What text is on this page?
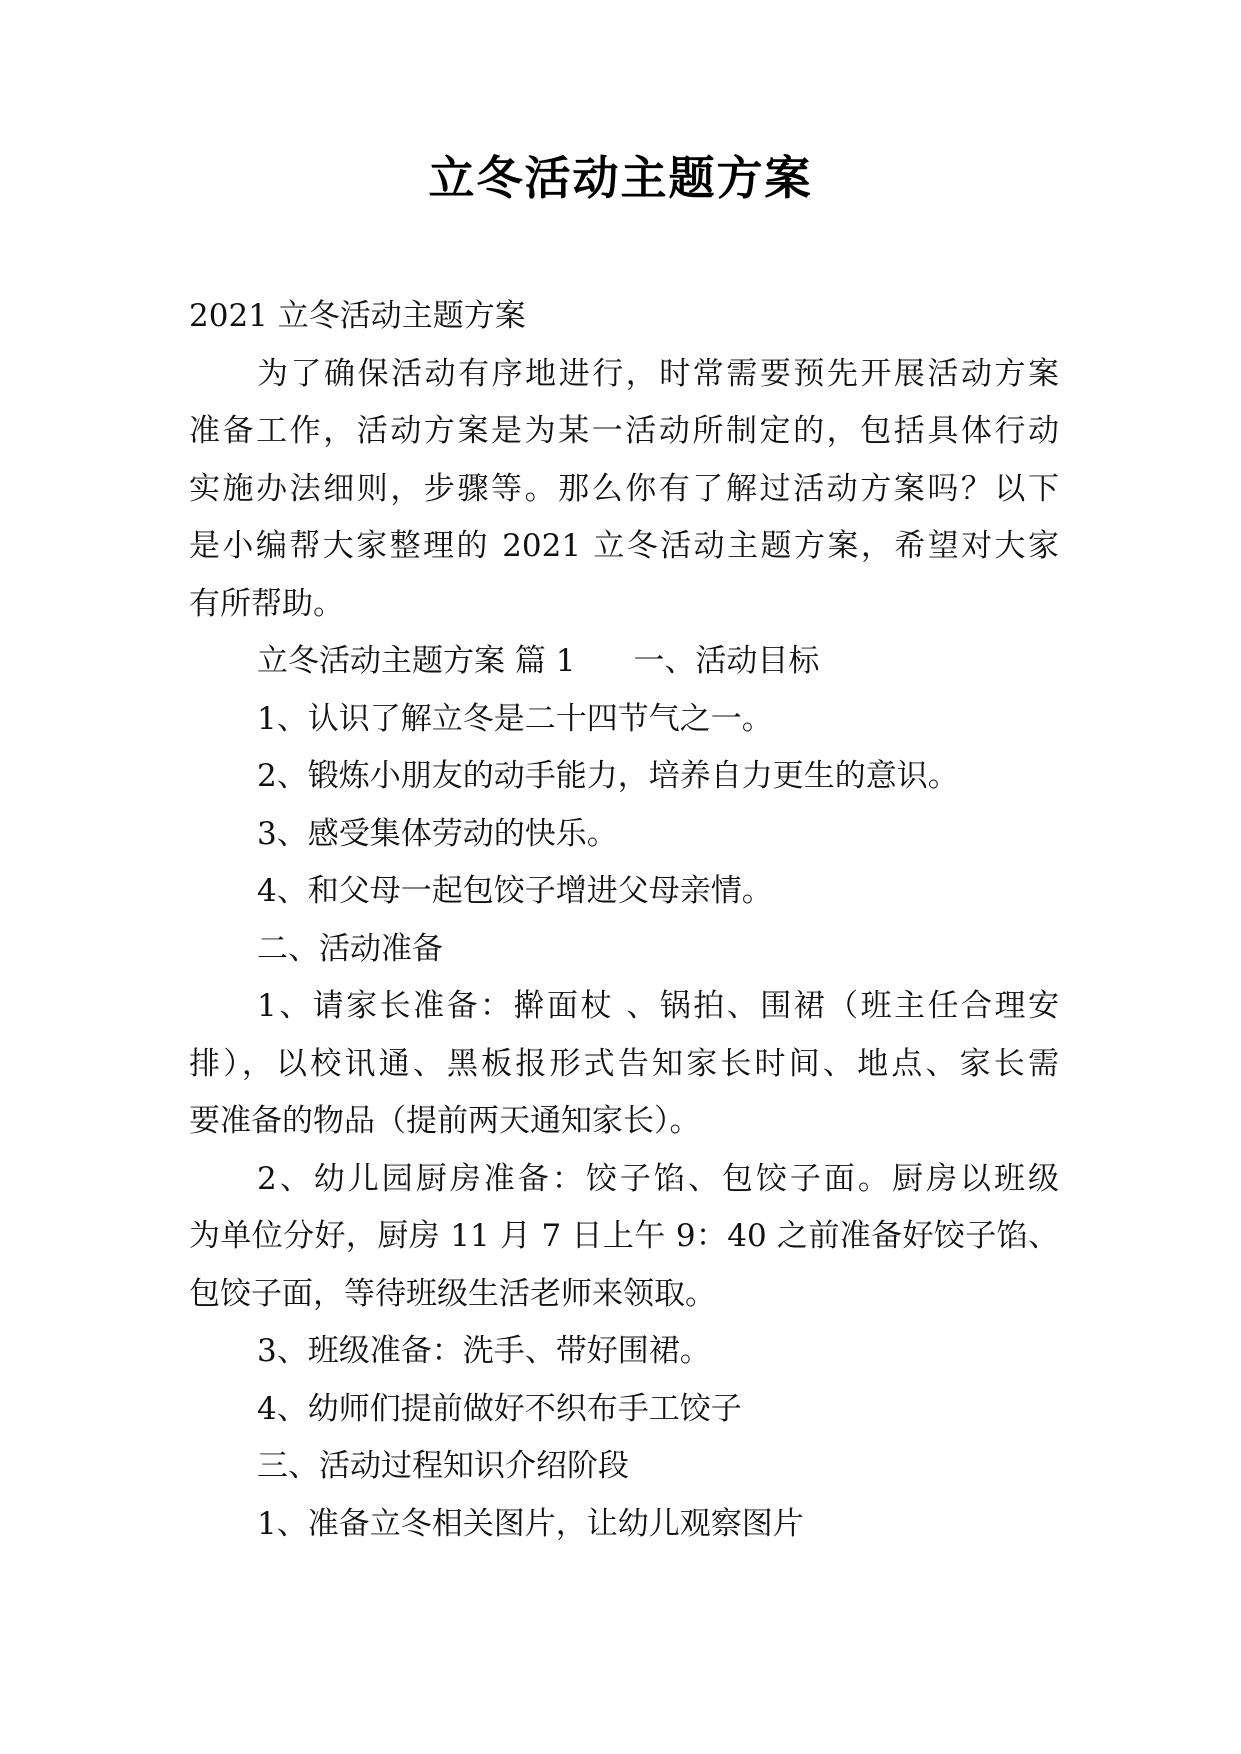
立冬活动主题方案
2021 立冬活动主题方案
为了确保活动有序地进行，时常需要预先开展活动方案
准备工作，活动方案是为某一活动所制定的，包括具体行动
实施办法细则，步骤等。那么你有了解过活动方案吗？以下
是小编帮大家整理的 2021 立冬活动主题方案，希望对大家
有所帮助。
立冬活动主题方案 篇 1 一、活动目标
1、认识了解立冬是二十四节气之一。
2、锻炼小朋友的动手能力，培养自力更生的意识。
3、感受集体劳动的快乐。
4、和父母一起包饺子增进父母亲情。
二、活动准备
1、请家长准备：擀面杖 、锅拍、围裙（班主任合理安
排），以校讯通、黑板报形式告知家长时间、地点、家长需
要准备的物品（提前两天通知家长）。
2、幼儿园厨房准备：饺子馅、包饺子面。厨房以班级
为单位分好，厨房 11 月 7 日上午 9：40 之前准备好饺子馅、
包饺子面，等待班级生活老师来领取。
3、班级准备：洗手、带好围裙。
4、幼师们提前做好不织布手工饺子
三、活动过程知识介绍阶段
1、准备立冬相关图片，让幼儿观察图片
